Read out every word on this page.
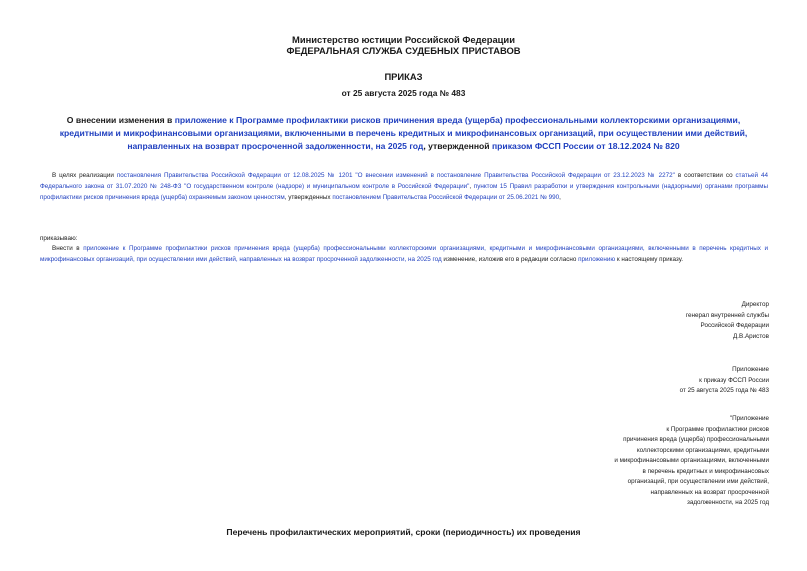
Министерство юстиции Российской Федерации
ФЕДЕРАЛЬНАЯ СЛУЖБА СУДЕБНЫХ ПРИСТАВОВ
ПРИКАЗ
от 25 августа 2025 года № 483
О внесении изменения в приложение к Программе профилактики рисков причинения вреда (ущерба) профессиональными коллекторскими организациями, кредитными и микрофинансовыми организациями, включенными в перечень кредитных и микрофинансовых организаций, при осуществлении ими действий, направленных на возврат просроченной задолженности, на 2025 год, утвержденной приказом ФССП России от 18.12.2024 № 820
В целях реализации постановления Правительства Российской Федерации от 12.08.2025 № 1201 "О внесении изменений в постановление Правительства Российской Федерации от 23.12.2023 № 2272" в соответствии со статьей 44 Федерального закона от 31.07.2020 № 248-ФЗ "О государственном контроле (надзоре) и муниципальном контроле в Российской Федерации", пунктом 15 Правил разработки и утверждения контрольными (надзорными) органами программы профилактики рисков причинения вреда (ущерба) охраняемым законом ценностям, утвержденных постановлением Правительства Российской Федерации от 25.06.2021 № 990,
приказываю:
Внести в приложение к Программе профилактики рисков причинения вреда (ущерба) профессиональными коллекторскими организациями, кредитными и микрофинансовыми организациями, включенными в перечень кредитных и микрофинансовых организаций, при осуществлении ими действий, направленных на возврат просроченной задолженности, на 2025 год изменение, изложив его в редакции согласно приложению к настоящему приказу.
Директор
генерал внутренней службы
Российской Федерации
Д.В.Аристов
Приложение
к приказу ФССП России
от 25 августа 2025 года № 483
"Приложение
к Программе профилактики рисков
причинения вреда (ущерба) профессиональными
коллекторскими организациями, кредитными
и микрофинансовыми организациями, включенными
в перечень кредитных и микрофинансовых
организаций, при осуществлении ими действий,
направленных на возврат просроченной
задолженности, на 2025 год
Перечень профилактических мероприятий, сроки (периодичность) их проведения
